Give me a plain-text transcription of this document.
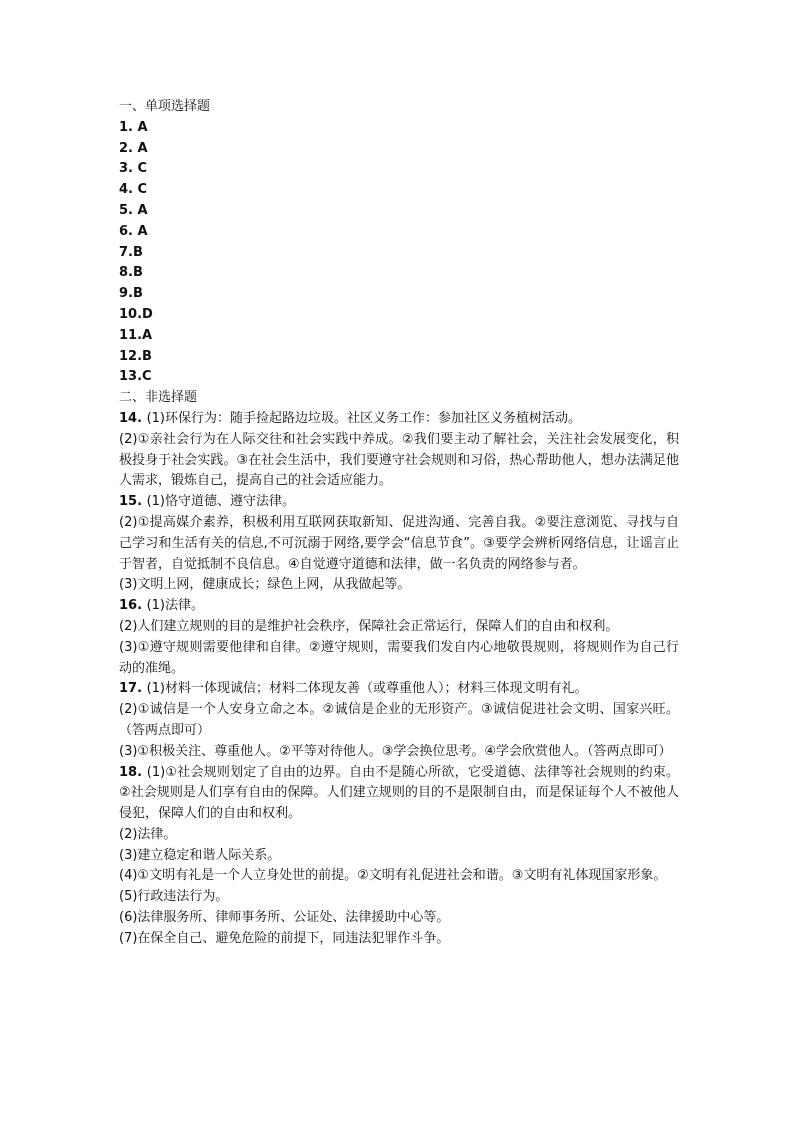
一、单项选择题
1. A
2. A
3. C
4. C
5. A
6. A
7.B
8.B
9.B
10.D
11.A
12.B
13.C
二、非选择题
14. (1)环保行为：随手捡起路边垃圾。社区义务工作：参加社区义务植树活动。
(2)①亲社会行为在人际交往和社会实践中养成。②我们要主动了解社会，关注社会发展变化，积极投身于社会实践。③在社会生活中，我们要遵守社会规则和习俗，热心帮助他人，想办法满足他人需求，锻炼自己，提高自己的社会适应能力。
15. (1)恪守道德、遵守法律。
(2)①提高媒介素养，积极利用互联网获取新知、促进沟通、完善自我。②要注意浏览、寻找与自己学习和生活有关的信息,不可沉溺于网络,要学会“信息节食”。③要学会辨析网络信息，让谣言止于智者，自觉抵制不良信息。④自觉遵守道德和法律，做一名负责的网络参与者。
(3)文明上网，健康成长；绿色上网，从我做起等。
16. (1)法律。
(2)人们建立规则的目的是维护社会秩序，保障社会正常运行，保障人们的自由和权利。
(3)①遵守规则需要他律和自律。②遵守规则，需要我们发自内心地敬畏规则，将规则作为自己行动的准绳。
17. (1)材料一体现诚信；材料二体现友善（或尊重他人）；材料三体现文明有礼。
(2)①诚信是一个人安身立命之本。②诚信是企业的无形资产。③诚信促进社会文明、国家兴旺。（答两点即可）
(3)①积极关注、尊重他人。②平等对待他人。③学会换位思考。④学会欣赏他人。（答两点即可）
18. (1)①社会规则划定了自由的边界。自由不是随心所欲，它受道德、法律等社会规则的约束。②社会规则是人们享有自由的保障。人们建立规则的目的不是限制自由，而是保证每个人不被他人侵犯，保障人们的自由和权利。
(2)法律。
(3)建立稳定和谐人际关系。
(4)①文明有礼是一个人立身处世的前提。②文明有礼促进社会和谐。③文明有礼体现国家形象。
(5)行政违法行为。
(6)法律服务所、律师事务所、公证处、法律援助中心等。
(7)在保全自己、避免危险的前提下，同违法犯罪作斗争。
